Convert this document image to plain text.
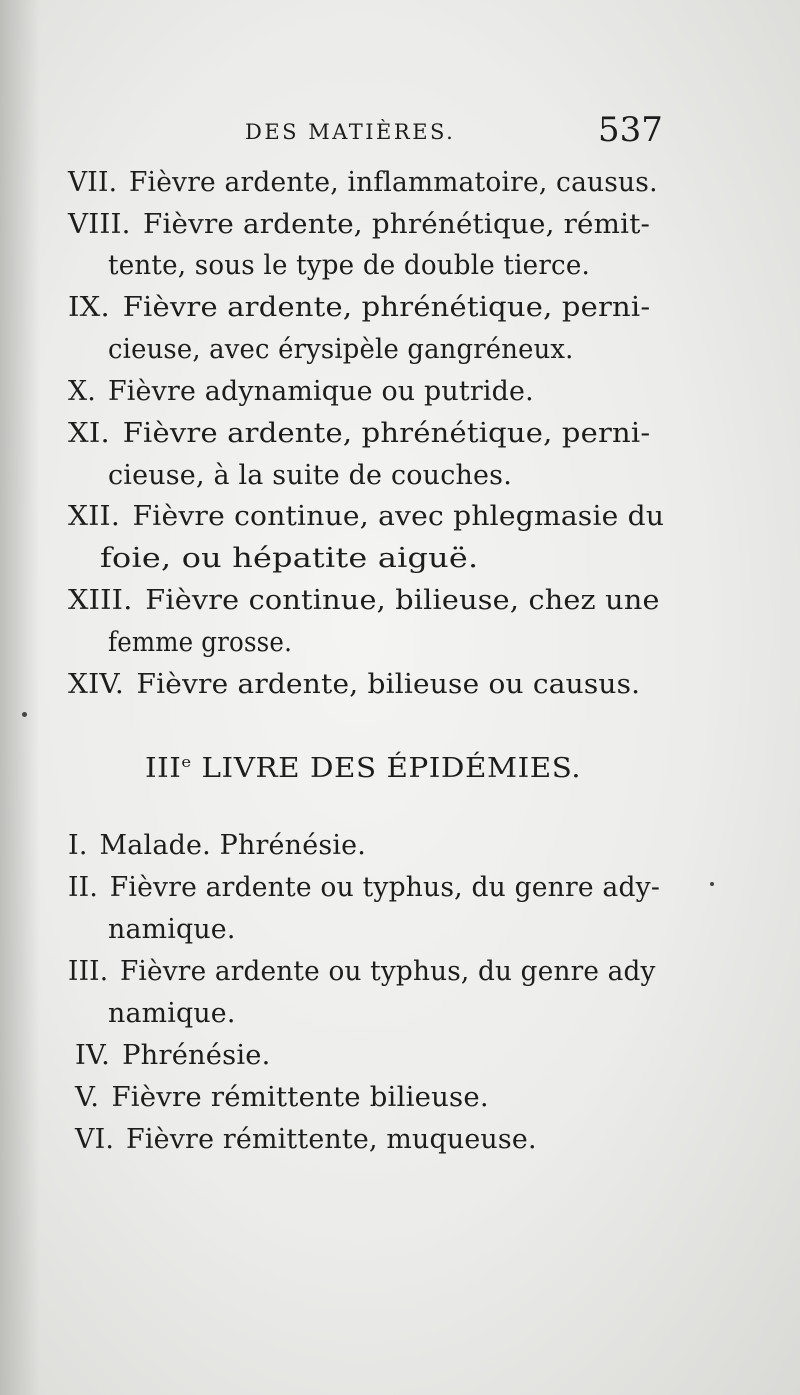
DES MATIÈRES.	537
VII. Fièvre ardente, inflammatoire, causus.
VIII. Fièvre ardente, phrénétique, rémit-
tente, sous le type de double tierce.
IX. Fièvre ardente, phrénétique, perni-
cieuse, avec érysipèle gangréneux.
X. Fièvre adynamique ou putride.
XI. Fièvre ardente, phrénétique, perni-
cieuse, à la suite de couches.
XII. Fièvre continue, avec phlegmasie du
foie, ou hépatite aiguë.
XIII. Fièvre continue, bilieuse, chez une
femme grosse.
XIV. Fièvre ardente, bilieuse ou causus.
I. Malade. Phrénésie.
II. Fièvre ardente ou typhus, du genre ady-
namique.
III. Fièvre ardente ou typhus, du genre ady
namique.
IV. Phrénésie.
V. Fièvre rémittente bilieuse.
VI. Fièvre rémittente, muqueuse.
IIIe LIVRE DES ÉPIDÉMIES.
